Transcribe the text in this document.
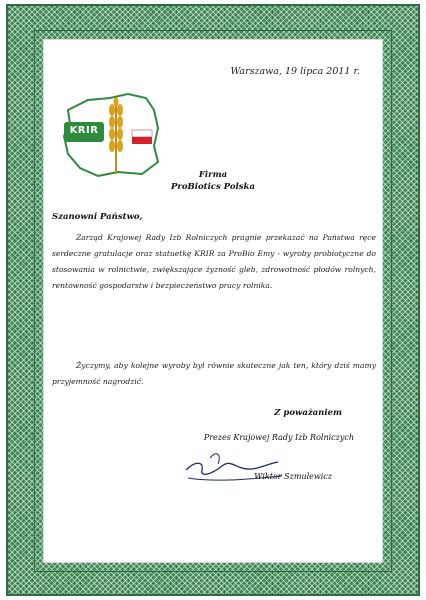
Warszawa, 19 lipca 2011 r.
KRIR
Firma
ProBiotics Polska
Szanowni Państwo,
Zarząd Krajowej Rady Izb Rolniczych pragnie przekazać na Państwa ręce serdeczne gratulacje oraz statuetkę KRIR za ProBio Emy - wyroby probiotyczne do stosowania w rolnictwie, zwiększające żyzność gleb, zdrowotność płodów rolnych, rentowność gospodarstw i bezpieczeństwo pracy rolnika.
Życzymy, aby kolejne wyroby był równie skuteczne jak ten, który dziś mamy przyjemność nagrodzić.
Z poważaniem
Prezes Krajowej Rady Izb Rolniczych
Wiktor Szmulewicz
